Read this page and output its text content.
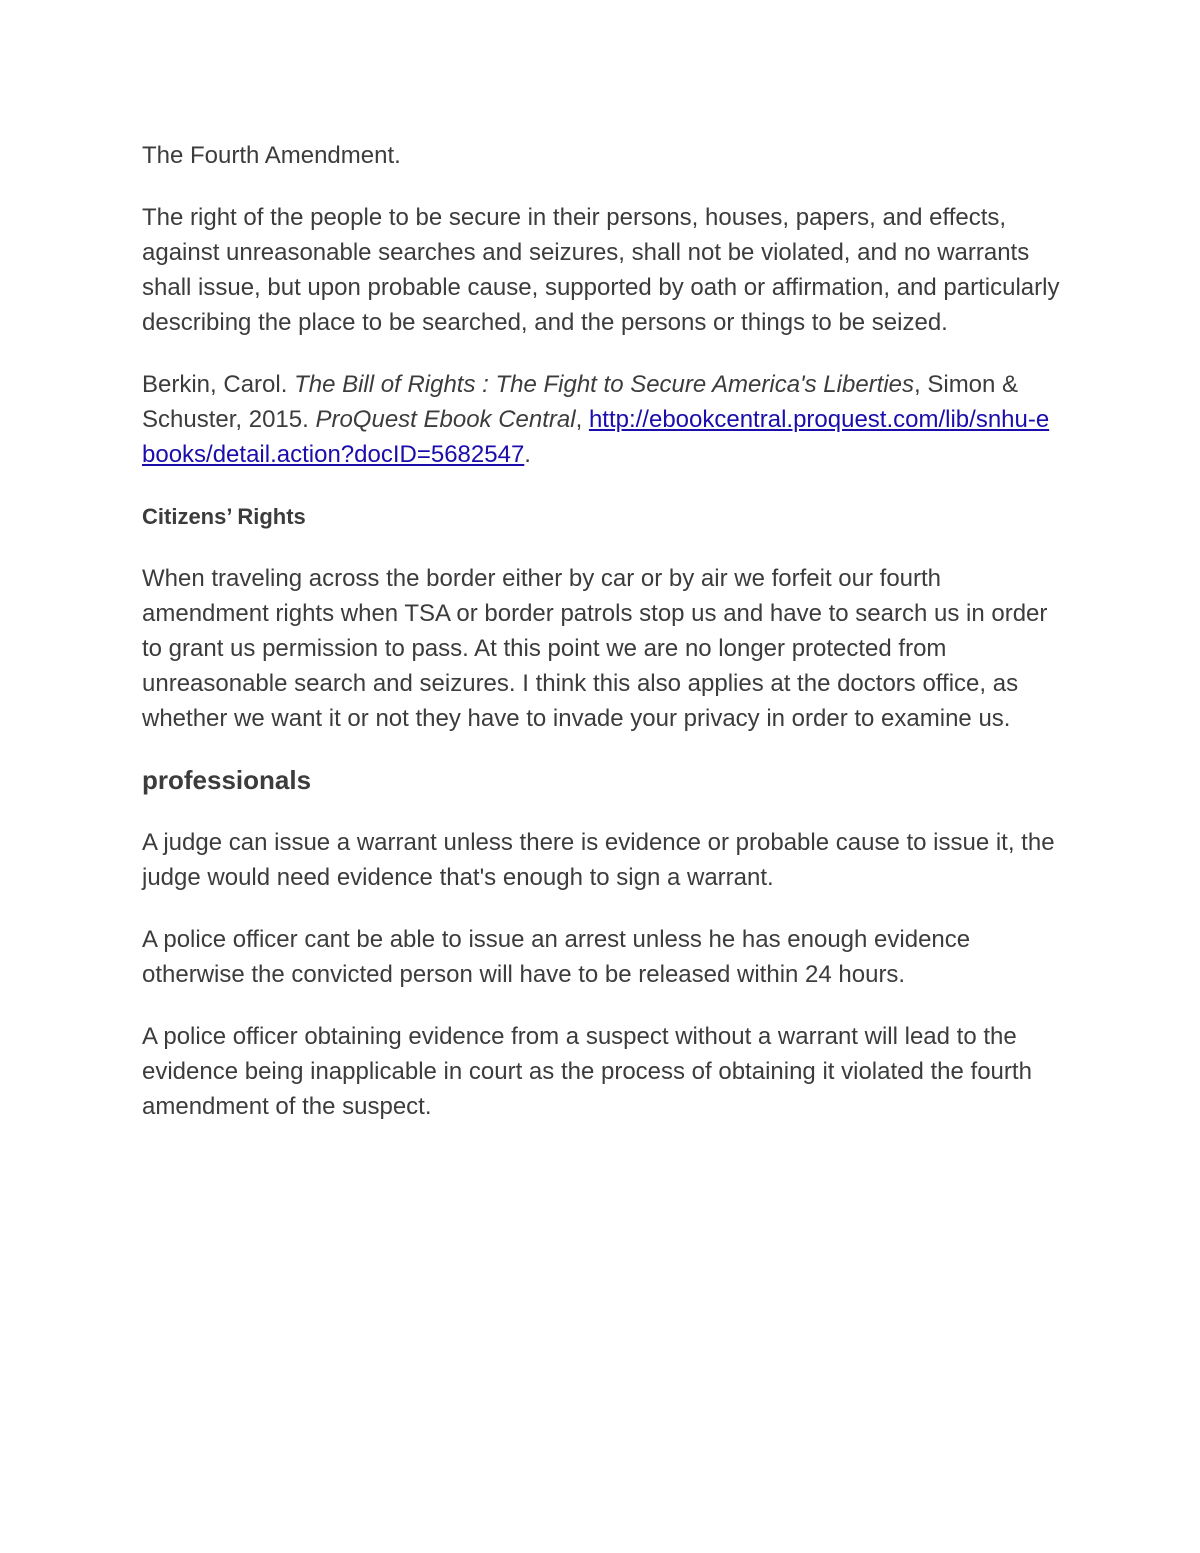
The Fourth Amendment.

The right of the people to be secure in their persons, houses, papers, and effects, against unreasonable searches and seizures, shall not be violated, and no warrants shall issue, but upon probable cause, supported by oath or affirmation, and particularly describing the place to be searched, and the persons or things to be seized.

Berkin, Carol. The Bill of Rights : The Fight to Secure America's Liberties, Simon & Schuster, 2015. ProQuest Ebook Central, http://ebookcentral.proquest.com/lib/snhu-ebooks/detail.action?docID=5682547.

Citizens’ Rights

When traveling across the border either by car or by air we forfeit our fourth amendment rights when TSA or border patrols stop us and have to search us in order to grant us permission to pass. At this point we are no longer protected from unreasonable search and seizures. I think this also applies at the doctors office, as whether we want it or not they have to invade your privacy in order to examine us.

professionals

A judge can issue a warrant unless there is evidence or probable cause to issue it, the judge would need evidence that's enough to sign a warrant.

A police officer cant be able to issue an arrest unless he has enough evidence otherwise the convicted person will have to be released within 24 hours.

A police officer obtaining evidence from a suspect without a warrant will lead to the evidence being inapplicable in court as the process of obtaining it violated the fourth amendment of the suspect.
